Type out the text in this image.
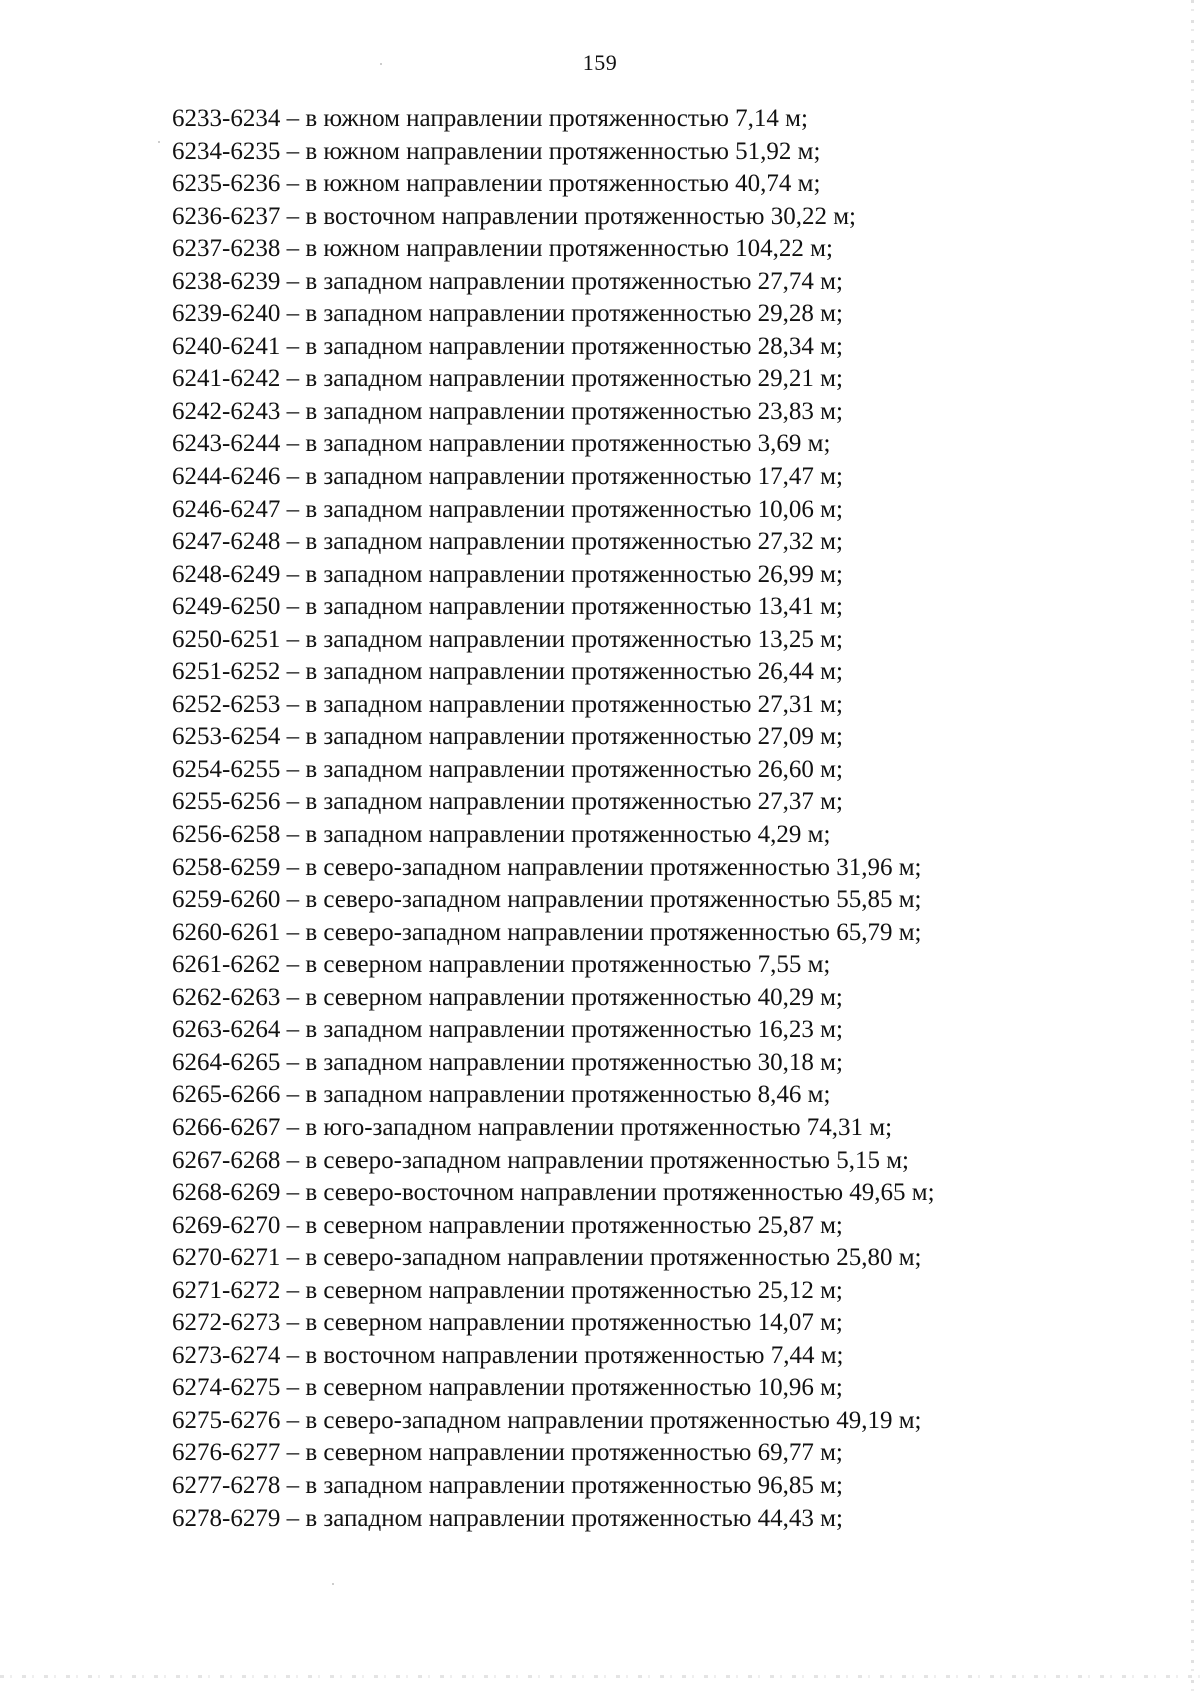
159
6233-6234 – в южном направлении протяженностью 7,14 м;
6234-6235 – в южном направлении протяженностью 51,92 м;
6235-6236 – в южном направлении протяженностью 40,74 м;
6236-6237 – в восточном направлении протяженностью 30,22 м;
6237-6238 – в южном направлении протяженностью 104,22 м;
6238-6239 – в западном направлении протяженностью 27,74 м;
6239-6240 – в западном направлении протяженностью 29,28 м;
6240-6241 – в западном направлении протяженностью 28,34 м;
6241-6242 – в западном направлении протяженностью 29,21 м;
6242-6243 – в западном направлении протяженностью 23,83 м;
6243-6244 – в западном направлении протяженностью 3,69 м;
6244-6246 – в западном направлении протяженностью 17,47 м;
6246-6247 – в западном направлении протяженностью 10,06 м;
6247-6248 – в западном направлении протяженностью 27,32 м;
6248-6249 – в западном направлении протяженностью 26,99 м;
6249-6250 – в западном направлении протяженностью 13,41 м;
6250-6251 – в западном направлении протяженностью 13,25 м;
6251-6252 – в западном направлении протяженностью 26,44 м;
6252-6253 – в западном направлении протяженностью 27,31 м;
6253-6254 – в западном направлении протяженностью 27,09 м;
6254-6255 – в западном направлении протяженностью 26,60 м;
6255-6256 – в западном направлении протяженностью 27,37 м;
6256-6258 – в западном направлении протяженностью 4,29 м;
6258-6259 – в северо-западном направлении протяженностью 31,96 м;
6259-6260 – в северо-западном направлении протяженностью 55,85 м;
6260-6261 – в северо-западном направлении протяженностью 65,79 м;
6261-6262 – в северном направлении протяженностью 7,55 м;
6262-6263 – в северном направлении протяженностью 40,29 м;
6263-6264 – в западном направлении протяженностью 16,23 м;
6264-6265 – в западном направлении протяженностью 30,18 м;
6265-6266 – в западном направлении протяженностью 8,46 м;
6266-6267 – в юго-западном направлении протяженностью 74,31 м;
6267-6268 – в северо-западном направлении протяженностью 5,15 м;
6268-6269 – в северо-восточном направлении протяженностью 49,65 м;
6269-6270 – в северном направлении протяженностью 25,87 м;
6270-6271 – в северо-западном направлении протяженностью 25,80 м;
6271-6272 – в северном направлении протяженностью 25,12 м;
6272-6273 – в северном направлении протяженностью 14,07 м;
6273-6274 – в восточном направлении протяженностью 7,44 м;
6274-6275 – в северном направлении протяженностью 10,96 м;
6275-6276 – в северо-западном направлении протяженностью 49,19 м;
6276-6277 – в северном направлении протяженностью 69,77 м;
6277-6278 – в западном направлении протяженностью 96,85 м;
6278-6279 – в западном направлении протяженностью 44,43 м;
